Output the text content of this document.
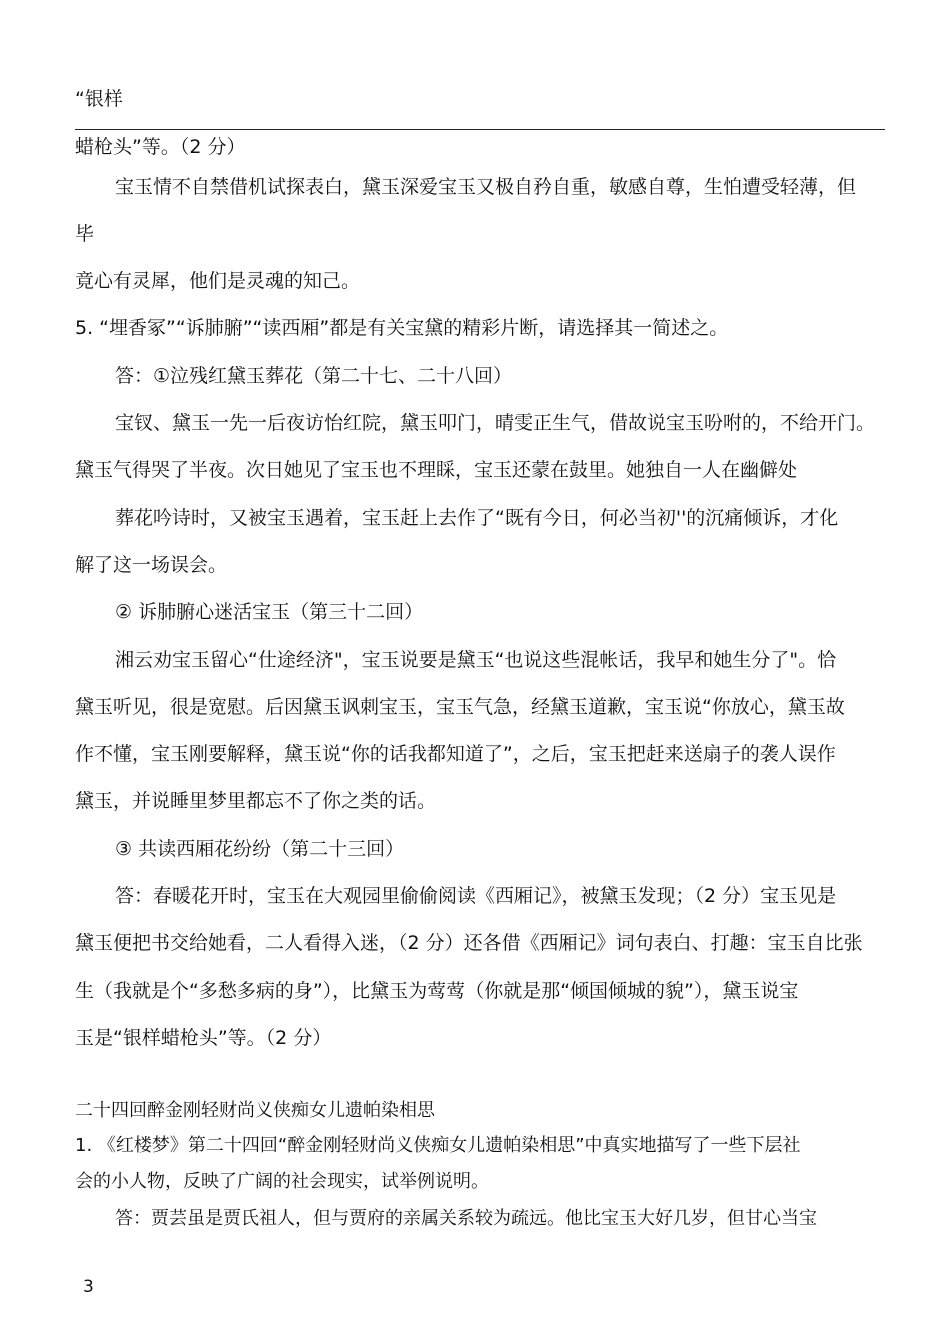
“银样
蜡枪头”等。（2 分）
宝玉情不自禁借机试探表白，黛玉深爱宝玉又极自矜自重，敏感自尊，生怕遭受轻薄，但
毕
竟心有灵犀，他们是灵魂的知己。
5. “埋香冢”“诉肺腑”“读西厢”都是有关宝黛的精彩片断，请选择其一简述之。
答：①泣残红黛玉葬花（第二十七、二十八回）
宝钗、黛玉一先一后夜访怡红院，黛玉叩门，晴雯正生气，借故说宝玉吩咐的，不给开门。
黛玉气得哭了半夜。次日她见了宝玉也不理睬，宝玉还蒙在鼓里。她独自一人在幽僻处
葬花吟诗时，又被宝玉遇着，宝玉赶上去作了“既有今日，何必当初''的沉痛倾诉，才化
解了这一场误会。
② 诉肺腑心迷活宝玉（第三十二回）
湘云劝宝玉留心“仕途经济"，宝玉说要是黛玉“也说这些混帐话，我早和她生分了"。恰
黛玉听见，很是宽慰。后因黛玉讽刺宝玉，宝玉气急，经黛玉道歉，宝玉说“你放心，黛玉故
作不懂，宝玉刚要解释，黛玉说“你的话我都知道了”，之后，宝玉把赶来送扇子的袭人误作
黛玉，并说睡里梦里都忘不了你之类的话。
③ 共读西厢花纷纷（第二十三回）
答：春暖花开时，宝玉在大观园里偷偷阅读《西厢记》，被黛玉发现；（2 分）宝玉见是
黛玉便把书交给她看，二人看得入迷，（2 分）还各借《西厢记》词句表白、打趣：宝玉自比张
生（我就是个“多愁多病的身”），比黛玉为莺莺（你就是那“倾国倾城的貌”），黛玉说宝
玉是“银样蜡枪头”等。（2 分）
二十四回醉金刚轻财尚义侠痴女儿遗帕染相思
1. 《红楼梦》第二十四回“醉金刚轻财尚义侠痴女儿遗帕染相思”中真实地描写了一些下层社
会的小人物，反映了广阔的社会现实，试举例说明。
答：贾芸虽是贾氏祖人，但与贾府的亲属关系较为疏远。他比宝玉大好几岁，但甘心当宝
3
